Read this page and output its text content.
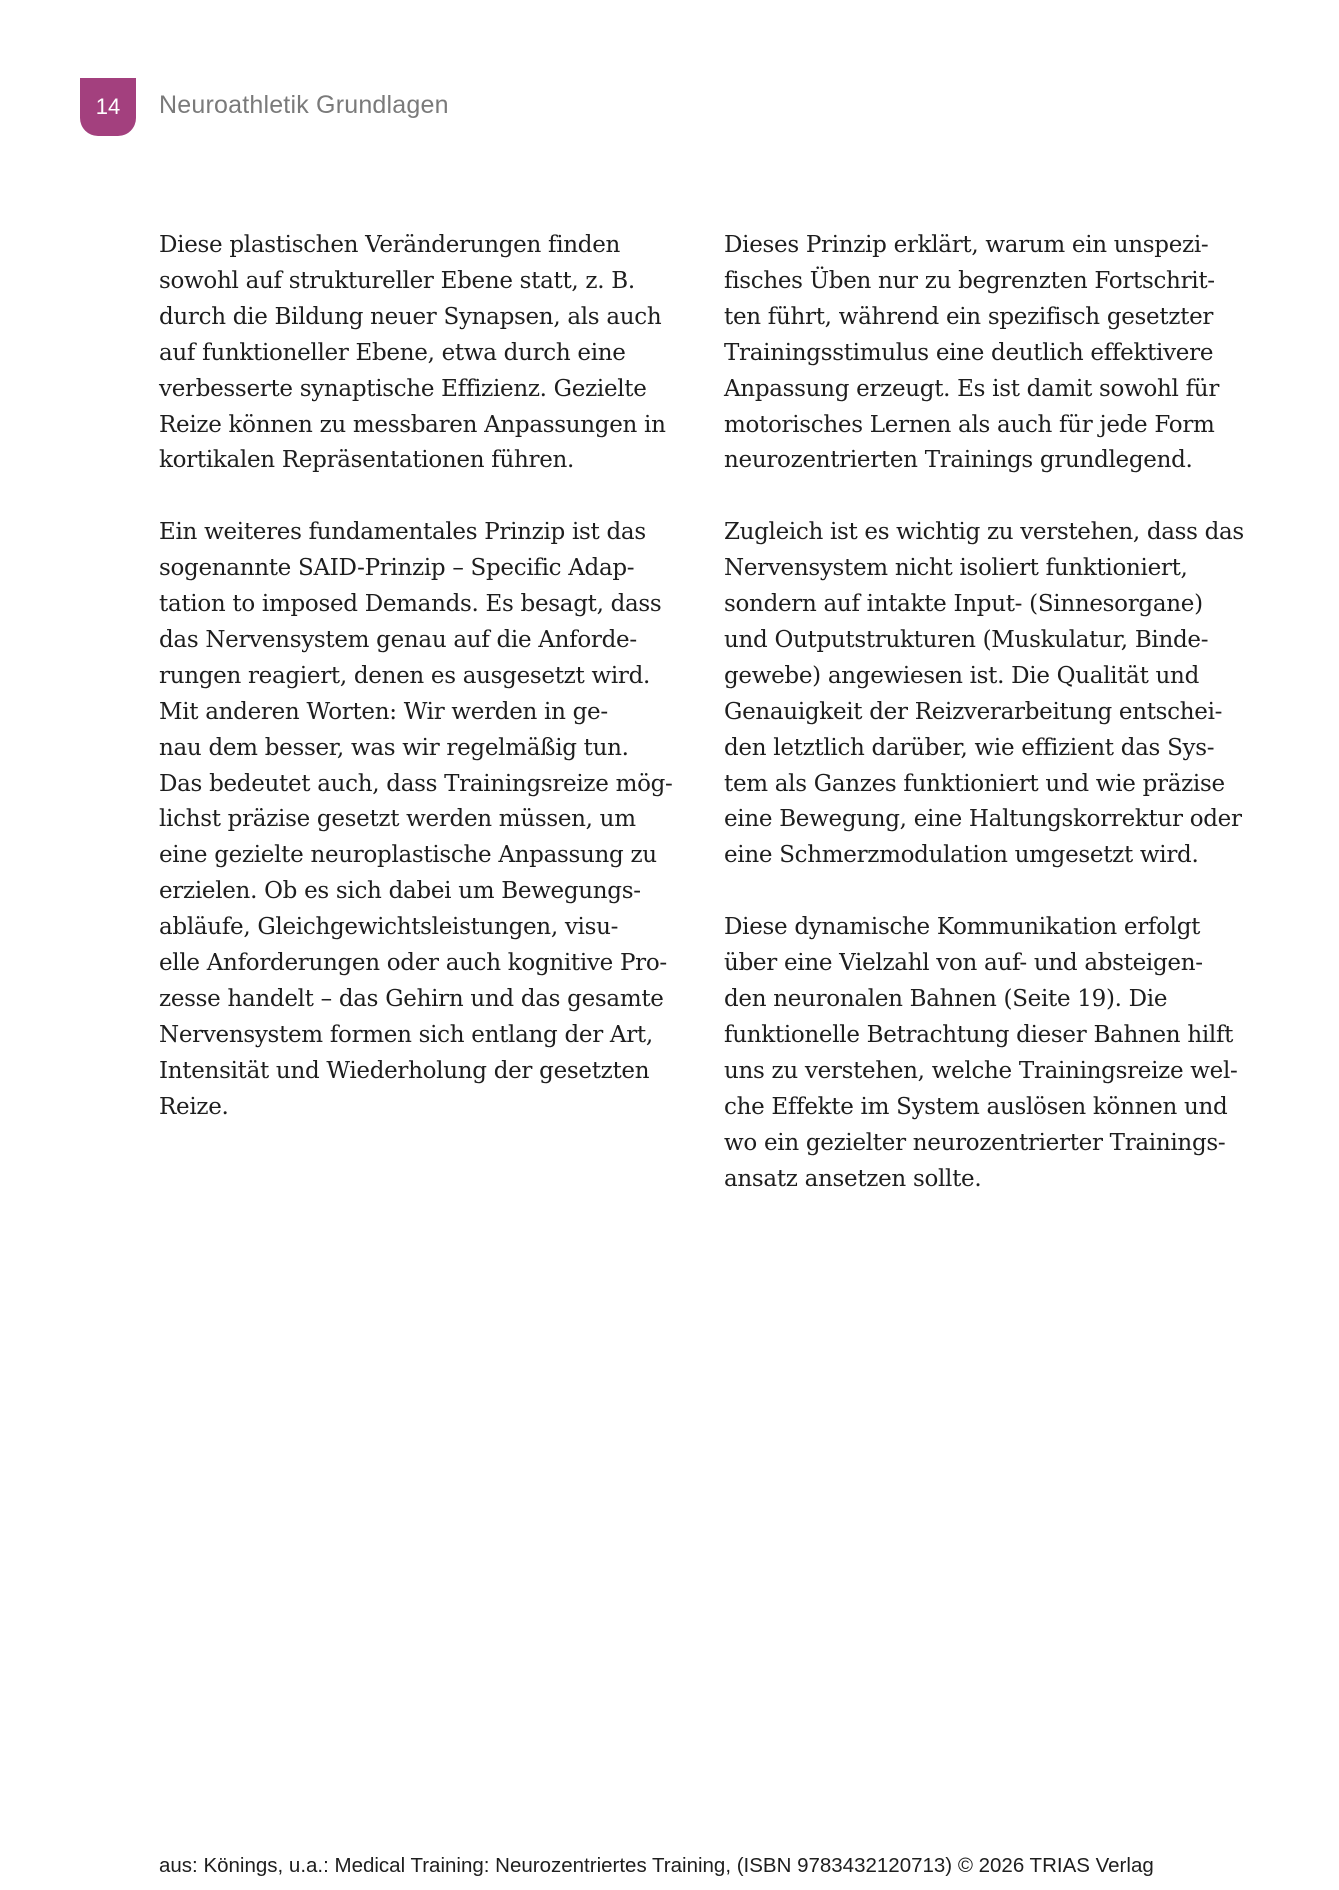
14 Neuroathletik Grundlagen

Diese plastischen Veränderungen finden
sowohl auf struktureller Ebene statt, z. B.
durch die Bildung neuer Synapsen, als auch
auf funktioneller Ebene, etwa durch eine
verbesserte synaptische Effizienz. Gezielte
Reize können zu messbaren Anpassungen in
kortikalen Repräsentationen führen.

Ein weiteres fundamentales Prinzip ist das
sogenannte SAID-Prinzip – Specific Adap-
tation to imposed Demands. Es besagt, dass
das Nervensystem genau auf die Anforde-
rungen reagiert, denen es ausgesetzt wird.
Mit anderen Worten: Wir werden in ge-
nau dem besser, was wir regelmäßig tun.
Das bedeutet auch, dass Trainingsreize mög-
lichst präzise gesetzt werden müssen, um
eine gezielte neuroplastische Anpassung zu
erzielen. Ob es sich dabei um Bewegungs-
abläufe, Gleichgewichtsleistungen, visu-
elle Anforderungen oder auch kognitive Pro-
zesse handelt – das Gehirn und das gesamte
Nervensystem formen sich entlang der Art,
Intensität und Wiederholung der gesetzten
Reize.

Dieses Prinzip erklärt, warum ein unspezi-
fisches Üben nur zu begrenzten Fortschrit-
ten führt, während ein spezifisch gesetzter
Trainingsstimulus eine deutlich effektivere
Anpassung erzeugt. Es ist damit sowohl für
motorisches Lernen als auch für jede Form
neurozentrierten Trainings grundlegend.

Zugleich ist es wichtig zu verstehen, dass das
Nervensystem nicht isoliert funktioniert,
sondern auf intakte Input- (Sinnesorgane)
und Outputstrukturen (Muskulatur, Binde-
gewebe) angewiesen ist. Die Qualität und
Genauigkeit der Reizverarbeitung entschei-
den letztlich darüber, wie effizient das Sys-
tem als Ganzes funktioniert und wie präzise
eine Bewegung, eine Haltungskorrektur oder
eine Schmerzmodulation umgesetzt wird.

Diese dynamische Kommunikation erfolgt
über eine Vielzahl von auf- und absteigen-
den neuronalen Bahnen (Seite 19). Die
funktionelle Betrachtung dieser Bahnen hilft
uns zu verstehen, welche Trainingsreize wel-
che Effekte im System auslösen können und
wo ein gezielter neurozentrierter Trainings-
ansatz ansetzen sollte.

aus: Könings, u.a.: Medical Training: Neurozentriertes Training, (ISBN 9783432120713) © 2026 TRIAS Verlag
